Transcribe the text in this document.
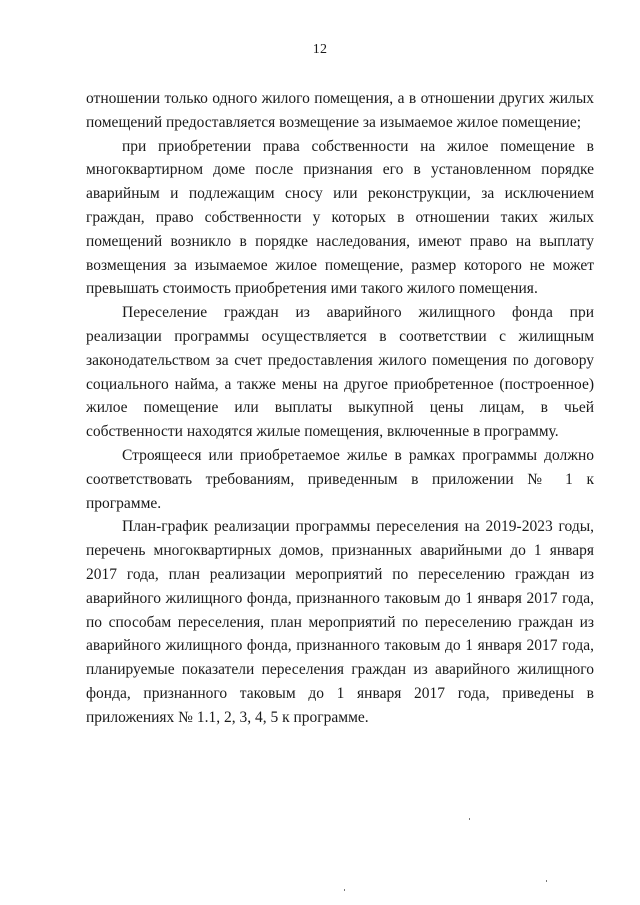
12

отношении только одного жилого помещения, а в отношении других жилых помещений предоставляется возмещение за изымаемое жилое помещение;

при приобретении права собственности на жилое помещение в многоквартирном доме после признания его в установленном порядке аварийным и подлежащим сносу или реконструкции, за исключением граждан, право собственности у которых в отношении таких жилых помещений возникло в порядке наследования, имеют право на выплату возмещения за изымаемое жилое помещение, размер которого не может превышать стоимость приобретения ими такого жилого помещения.

Переселение граждан из аварийного жилищного фонда при реализации программы осуществляется в соответствии с жилищным законодательством за счет предоставления жилого помещения по договору социального найма, а также мены на другое приобретенное (построенное) жилое помещение или выплаты выкупной цены лицам, в чьей собственности находятся жилые помещения, включенные в программу.

Строящееся или приобретаемое жилье в рамках программы должно соответствовать требованиям, приведенным в приложении № 1 к программе.

План-график реализации программы переселения на 2019-2023 годы, перечень многоквартирных домов, признанных аварийными до 1 января 2017 года, план реализации мероприятий по переселению граждан из аварийного жилищного фонда, признанного таковым до 1 января 2017 года, по способам переселения, план мероприятий по переселению граждан из аварийного жилищного фонда, признанного таковым до 1 января 2017 года, планируемые показатели переселения граждан из аварийного жилищного фонда, признанного таковым до 1 января 2017 года, приведены в приложениях № 1.1, 2, 3, 4, 5 к программе.
